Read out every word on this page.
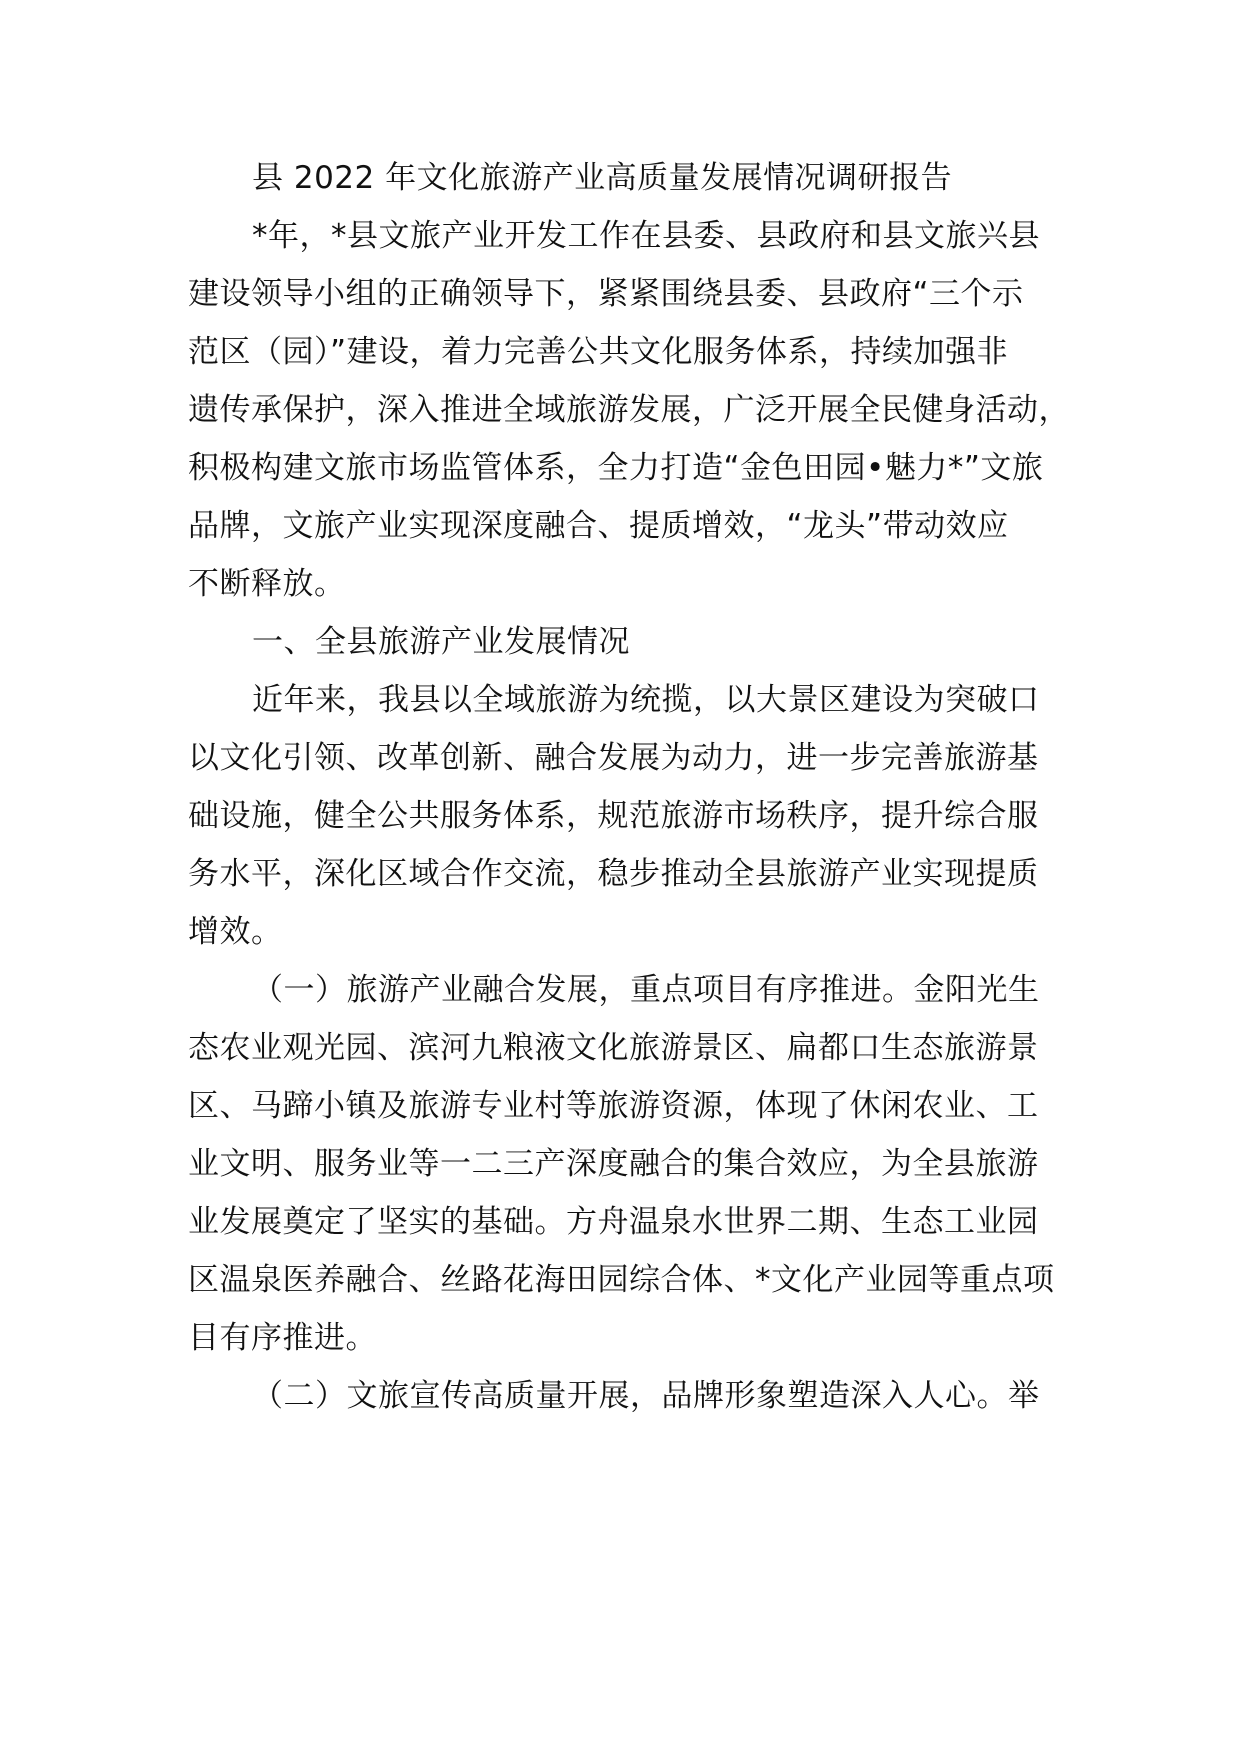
县 2022 年文化旅游产业高质量发展情况调研报告
*年，*县文旅产业开发工作在县委、县政府和县文旅兴县
建设领导小组的正确领导下，紧紧围绕县委、县政府“三个示
范区（园）”建设，着力完善公共文化服务体系，持续加强非
遗传承保护，深入推进全域旅游发展，广泛开展全民健身活动，
积极构建文旅市场监管体系，全力打造“金色田园•魅力*”文旅
品牌，文旅产业实现深度融合、提质增效，“龙头”带动效应
不断释放。
一、全县旅游产业发展情况
近年来，我县以全域旅游为统揽，以大景区建设为突破口
以文化引领、改革创新、融合发展为动力，进一步完善旅游基
础设施，健全公共服务体系，规范旅游市场秩序，提升综合服
务水平，深化区域合作交流，稳步推动全县旅游产业实现提质
增效。
（一）旅游产业融合发展，重点项目有序推进。金阳光生
态农业观光园、滨河九粮液文化旅游景区、扁都口生态旅游景
区、马蹄小镇及旅游专业村等旅游资源，体现了休闲农业、工
业文明、服务业等一二三产深度融合的集合效应，为全县旅游
业发展奠定了坚实的基础。方舟温泉水世界二期、生态工业园
区温泉医养融合、丝路花海田园综合体、*文化产业园等重点项
目有序推进。
（二）文旅宣传高质量开展，品牌形象塑造深入人心。举
